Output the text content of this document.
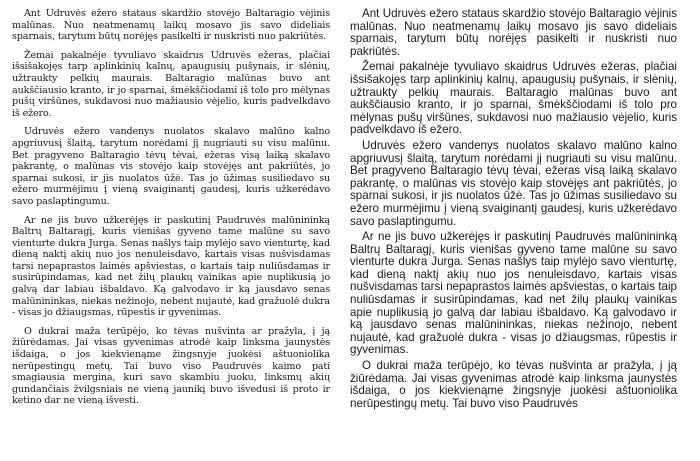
Ant Udruvės ežero stataus skardžio stovėjo Baltaragio vėjinis malūnas. Nuo neatmenamų laikų mosavo jis savo dideliais sparnais, tarytum būtų norėjęs pasikelti ir nuskristi nuo pakriūtės.

Žemai pakalnėje tyvuliavo skaidrus Udruvės ežeras, plačiai išsišakojęs tarp aplinkinių kalnų, apaugusių pušynais, ir slėnių, užtraukty pelkių maurais. Baltaragio malūnas buvo ant aukščiausio kranto, ir jo sparnai, šmėkščiodami iš tolo pro mėlynas pušų viršūnes, sukdavosi nuo mažiausio vėjelio, kuris padvelkdavo iš ežero.

Udruvės ežero vandenys nuolatos skalavo malūno kalno apgriuvusį šlaitą, tarytum norėdami jį nugriauti su visu malūnu. Bet pragyveno Baltaragio tėvų tėvai, ežeras visą laiką skalavo pakrantę, o malūnas vis stovėjo kaip stovėjęs ant pakriūtės, jo sparnai sukosi, ir jis nuolatos ūžė. Tas jo ūžimas susiliedavo su ežero murmėjimu į vieną svaiginantį gaudesį, kuris užkerėdavo savo paslaptingumu.

Ar ne jis buvo užkerėjęs ir paskutinį Paudruvės malūnininką Baltrų Baltaragį, kuris vienišas gyveno tame malūne su savo vienturte dukra Jurga. Senas našlys taip mylėjo savo vienturtę, kad dieną naktį akių nuo jos nenuleisdavo, kartais visas nušvisdamas tarsi nepaprastos laimės apšviestas, o kartais taip nuliūsdamas ir susirūpindamas, kad net žilų plaukų vainikas apie nuplikusią jo galvą dar labiau išbaldavo. Ką galvodavo ir ką jausdavo senas malūnininkas, niekas nežinojo, nebent nujautė, kad gražuolė dukra - visas jo džiaugsmas, rūpestis ir gyvenimas.

O dukrai maža terūpėjo, ko tėvas nušvinta ar pražyla, į ją žiūrėdamas. Jai visas gyvenimas atrodė kaip linksma jaunystės išdaiga, o jos kiekvienąme žingsnyje juokėsi aštuoniolika nerūpestingų metų. Tai buvo viso Paudruvės kaimo pati smagiausia mergina, kuri savo skambiu juoku, linksmų akių gundančiais žvilgsniais ne vieną jaunikį buvo išvedusi iš proto ir ketino dar ne vieną išvesti.

Ant Udruvės ežero stataus skardžio stovėjo Baltaragio vėjinis malūnas. Nuo neatmenamų laikų mosavo jis savo dideliais sparnais, tarytum būtų norėjęs pasikelti ir nuskristi nuo pakriūtės.

Žemai pakalnėje tyvuliavo skaidrus Udruvės ežeras, plačiai išsišakojęs tarp aplinkinių kalnų, apaugusių pušynais, ir slėnių, užtraukty pelkių maurais. Baltaragio malūnas buvo ant aukščiausio kranto, ir jo sparnai, šmėkščiodami iš tolo pro mėlynas pušų viršūnes, sukdavosi nuo mažiausio vėjelio, kuris padvelkdavo iš ežero.

Udruvės ežero vandenys nuolatos skalavo malūno kalno apgriuvusį šlaitą, tarytum norėdami jį nugriauti su visu malūnu. Bet pragyveno Baltaragio tėvų tėvai, ežeras visą laiką skalavo pakrantę, o malūnas vis stovėjo kaip stovėjęs ant pakriūtės, jo sparnai sukosi, ir jis nuolatos ūžė. Tas jo ūžimas susiliedavo su ežero murmėjimu į vieną svaiginantį gaudesį, kuris užkerėdavo savo paslaptingumu.

Ar ne jis buvo užkerėjęs ir paskutinį Paudruvės malūnininką Baltrų Baltaragį, kuris vienišas gyveno tame malūne su savo vienturte dukra Jurga. Senas našlys taip mylėjo savo vienturtę, kad dieną naktį akių nuo jos nenuleisdavo, kartais visas nušvisdamas tarsi nepaprastos laimės apšviestas, o kartais taip nuliūsdamas ir susirūpindamas, kad net žilų plaukų vainikas apie nuplikusią jo galvą dar labiau išbaldavo. Ką galvodavo ir ką jausdavo senas malūnininkas, niekas nežinojo, nebent nujautė, kad gražuolė dukra - visas jo džiaugsmas, rūpestis ir gyvenimas.

O dukrai maža terūpėjo, ko tėvas nušvinta ar pražyla, į ją žiūrėdama. Jai visas gyvenimas atrodė kaip linksma jaunystės išdaiga, o jos kiekvienąme žingsnyje juokėsi aštuoniolika nerūpestingų metų. Tai buvo viso Paudruvės
